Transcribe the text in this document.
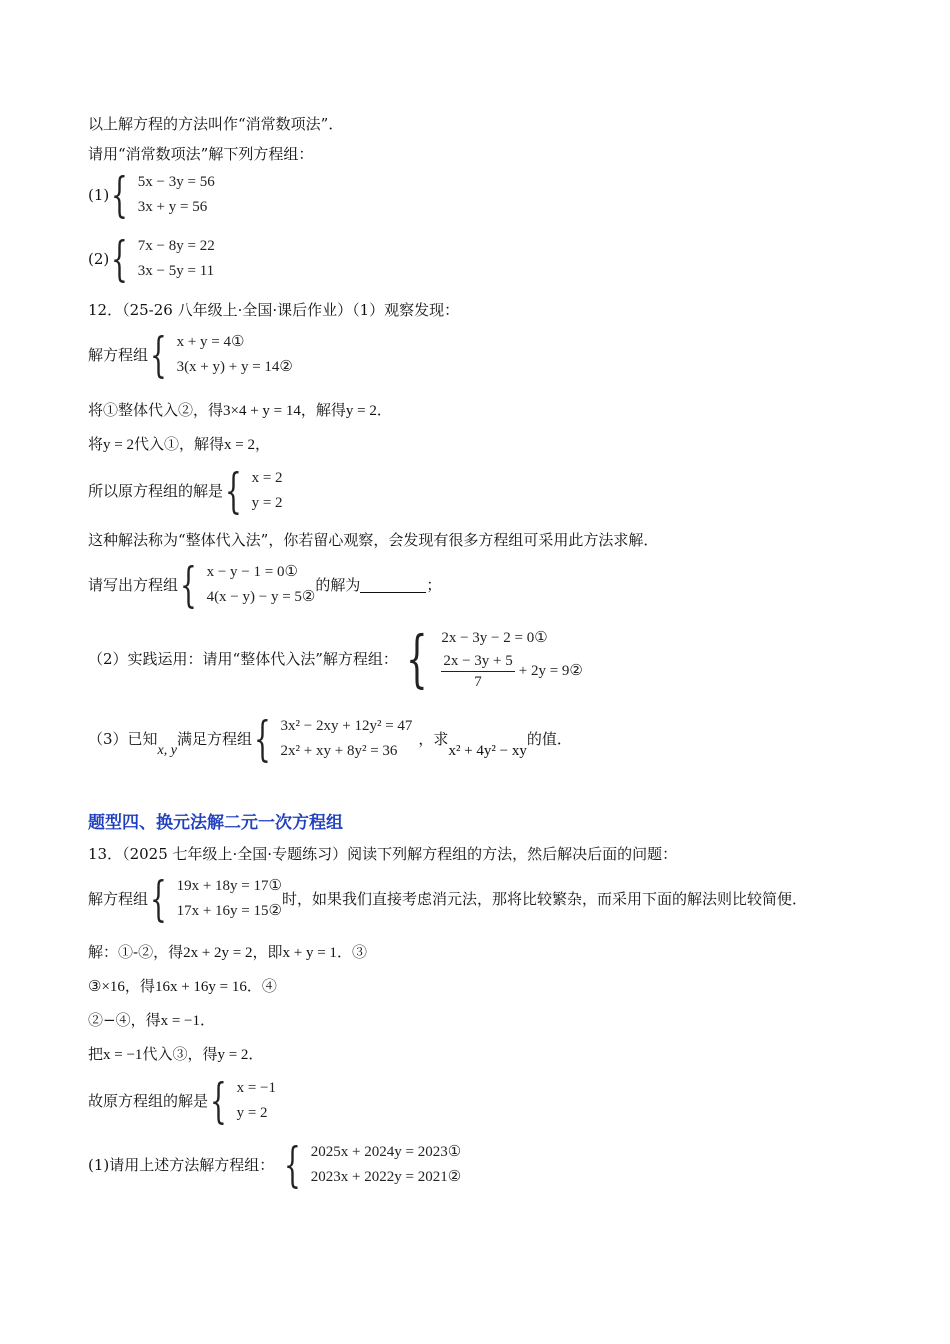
以上解方程的方法叫作“消常数项法”．
请用“消常数项法”解下列方程组：
(1) { 5x − 3y = 56
3x + y = 56
(2) { 7x − 8y = 22
3x − 5y = 11
12．（25-26 八年级上·全国·课后作业）（1）观察发现：
解方程组 { x + y = 4①
3(x + y) + y = 14②
将①整体代入②，得3×4 + y = 14，解得y = 2．
将y = 2代入①，解得x = 2，
所以原方程组的解是 { x = 2
y = 2
这种解法称为“整体代入法”，你若留心观察，会发现有很多方程组可采用此方法求解．
请写出方程组 { x − y − 1 = 0①
4(x − y) − y = 5②
的解为	；
（2）实践运用：请用“整体代入法”解方程组： { 2x − 3y − 2 = 0①
$\frac{2x - 3y + 5}{7} + 2y$ = 9②
（3）已知
x, y
满足方程组 { 3x² − 2xy + 12y² = 47
2x² + xy + 8y² = 36
，求
x² + 4y² − xy
的值．
题型四、换元法解二元一次方程组
13．（2025 七年级上·全国·专题练习）阅读下列解方程组的方法，然后解决后面的问题：
解方程组 { 19x + 18y = 17①
17x + 16y = 15②
时，如果我们直接考虑消元法，那将比较繁杂，而采用下面的解法则比较简便．
解：①-②，得2x + 2y = 2，即x + y = 1．③
③×16，得16x + 16y = 16．④
②−④，得x = −1．
把x = −1代入③，得y = 2．
故原方程组的解是 { x = −1
y = 2
(1)请用上述方法解方程组： { 2025x + 2024y = 2023①
2023x + 2022y = 2021②
